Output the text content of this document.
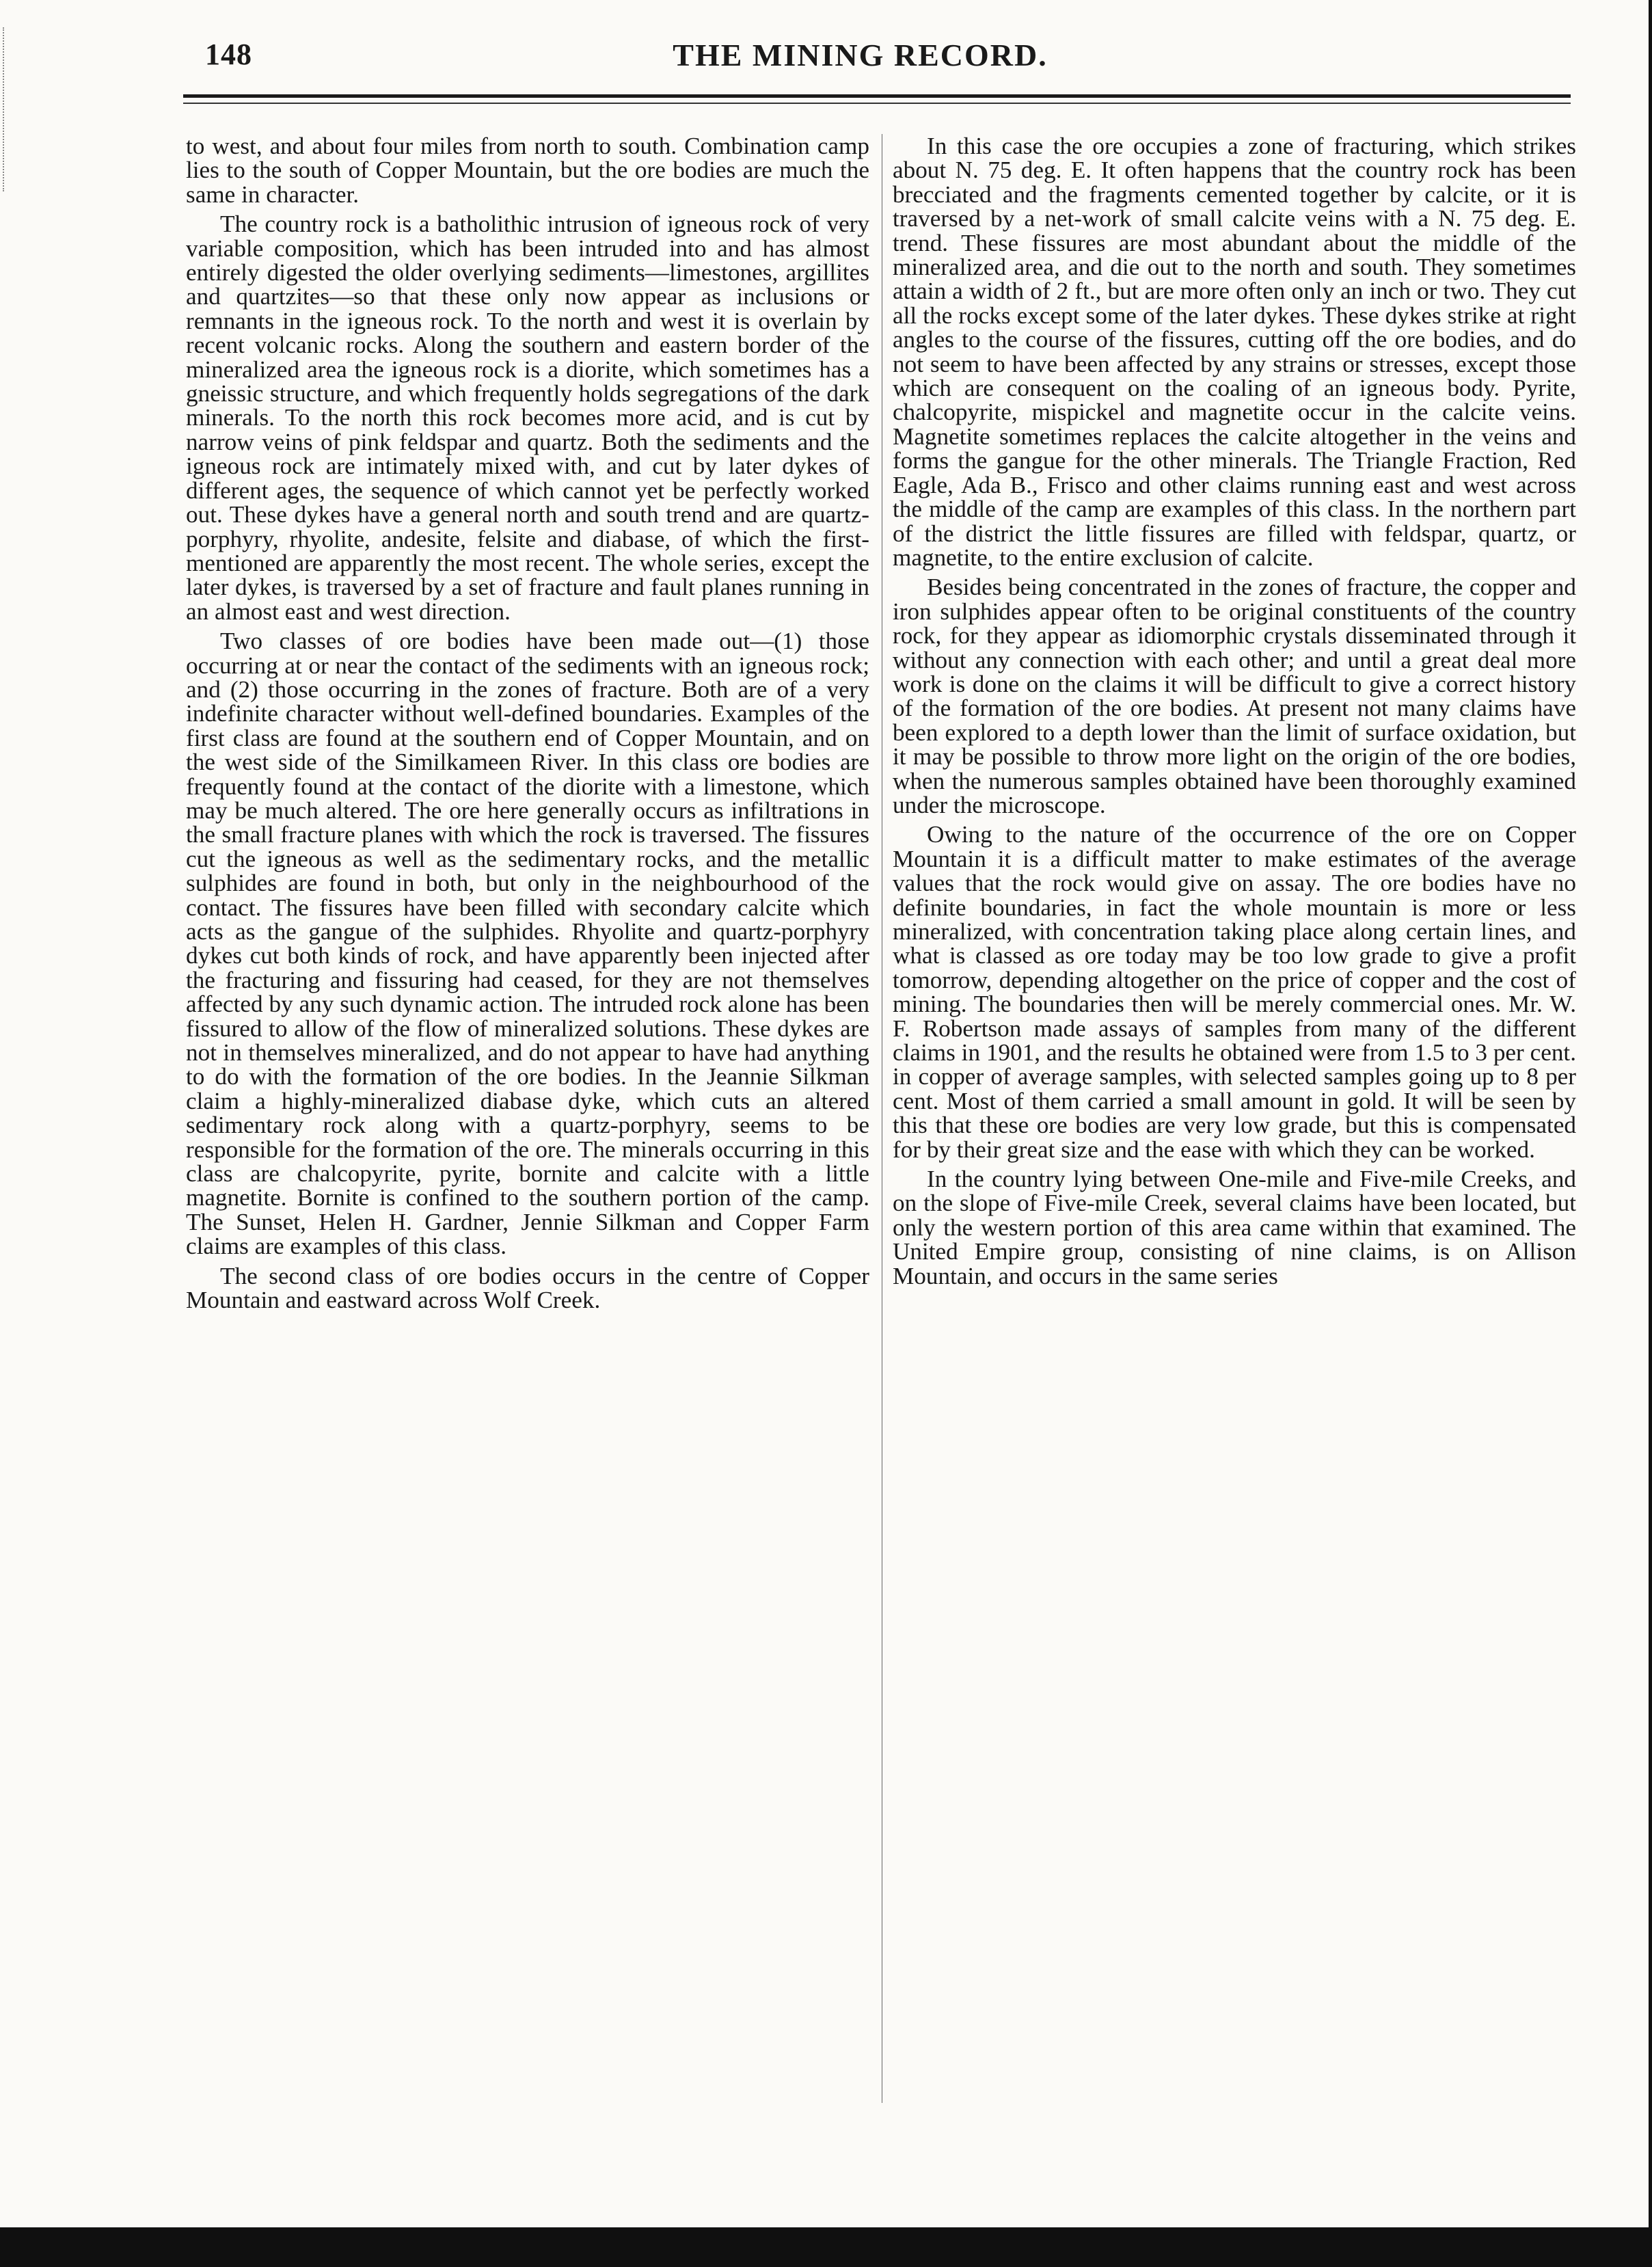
148	THE MINING RECORD.

to west, and about four miles from north to south. Combination camp lies to the south of Copper Mountain, but the ore bodies are much the same in character.

The country rock is a batholithic intrusion of igneous rock of very variable composition, which has been intruded into and has almost entirely digested the older overlying sediments—limestones, argillites and quartzites—so that these only now appear as inclusions or remnants in the igneous rock. To the north and west it is overlain by recent volcanic rocks. Along the southern and eastern border of the mineralized area the igneous rock is a diorite, which sometimes has a gneissic structure, and which frequently holds segregations of the dark minerals. To the north this rock becomes more acid, and is cut by narrow veins of pink feldspar and quartz. Both the sediments and the igneous rock are intimately mixed with, and cut by later dykes of different ages, the sequence of which cannot yet be perfectly worked out. These dykes have a general north and south trend and are quartz-porphyry, rhyolite, andesite, felsite and diabase, of which the first-mentioned are apparently the most recent. The whole series, except the later dykes, is traversed by a set of fracture and fault planes running in an almost east and west direction.

Two classes of ore bodies have been made out—(1) those occurring at or near the contact of the sediments with an igneous rock; and (2) those occurring in the zones of fracture. Both are of a very indefinite character without well-defined boundaries. Examples of the first class are found at the southern end of Copper Mountain, and on the west side of the Similkameen River. In this class ore bodies are frequently found at the contact of the diorite with a limestone, which may be much altered. The ore here generally occurs as infiltrations in the small fracture planes with which the rock is traversed. The fissures cut the igneous as well as the sedimentary rocks, and the metallic sulphides are found in both, but only in the neighbourhood of the contact. The fissures have been filled with secondary calcite which acts as the gangue of the sulphides. Rhyolite and quartz-porphyry dykes cut both kinds of rock, and have apparently been injected after the fracturing and fissuring had ceased, for they are not themselves affected by any such dynamic action. The intruded rock alone has been fissured to allow of the flow of mineralized solutions. These dykes are not in themselves mineralized, and do not appear to have had anything to do with the formation of the ore bodies. In the Jeannie Silkman claim a highly-mineralized diabase dyke, which cuts an altered sedimentary rock along with a quartz-porphyry, seems to be responsible for the formation of the ore. The minerals occurring in this class are chalcopyrite, pyrite, bornite and calcite with a little magnetite. Bornite is confined to the southern portion of the camp. The Sunset, Helen H. Gardner, Jennie Silkman and Copper Farm claims are examples of this class.

The second class of ore bodies occurs in the centre of Copper Mountain and eastward across Wolf Creek.

In this case the ore occupies a zone of fracturing, which strikes about N. 75 deg. E. It often happens that the country rock has been brecciated and the fragments cemented together by calcite, or it is traversed by a net-work of small calcite veins with a N. 75 deg. E. trend. These fissures are most abundant about the middle of the mineralized area, and die out to the north and south. They sometimes attain a width of 2 ft., but are more often only an inch or two. They cut all the rocks except some of the later dykes. These dykes strike at right angles to the course of the fissures, cutting off the ore bodies, and do not seem to have been affected by any strains or stresses, except those which are consequent on the coaling of an igneous body. Pyrite, chalcopyrite, mispickel and magnetite occur in the calcite veins. Magnetite sometimes replaces the calcite altogether in the veins and forms the gangue for the other minerals. The Triangle Fraction, Red Eagle, Ada B., Frisco and other claims running east and west across the middle of the camp are examples of this class. In the northern part of the district the little fissures are filled with feldspar, quartz, or magnetite, to the entire exclusion of calcite.

Besides being concentrated in the zones of fracture, the copper and iron sulphides appear often to be original constituents of the country rock, for they appear as idiomorphic crystals disseminated through it without any connection with each other; and until a great deal more work is done on the claims it will be difficult to give a correct history of the formation of the ore bodies. At present not many claims have been explored to a depth lower than the limit of surface oxidation, but it may be possible to throw more light on the origin of the ore bodies, when the numerous samples obtained have been thoroughly examined under the microscope.

Owing to the nature of the occurrence of the ore on Copper Mountain it is a difficult matter to make estimates of the average values that the rock would give on assay. The ore bodies have no definite boundaries, in fact the whole mountain is more or less mineralized, with concentration taking place along certain lines, and what is classed as ore today may be too low grade to give a profit tomorrow, depending altogether on the price of copper and the cost of mining. The boundaries then will be merely commercial ones. Mr. W. F. Robertson made assays of samples from many of the different claims in 1901, and the results he obtained were from 1.5 to 3 per cent. in copper of average samples, with selected samples going up to 8 per cent. Most of them carried a small amount in gold. It will be seen by this that these ore bodies are very low grade, but this is compensated for by their great size and the ease with which they can be worked.

In the country lying between One-mile and Five-mile Creeks, and on the slope of Five-mile Creek, several claims have been located, but only the western portion of this area came within that examined. The United Empire group, consisting of nine claims, is on Allison Mountain, and occurs in the same series
